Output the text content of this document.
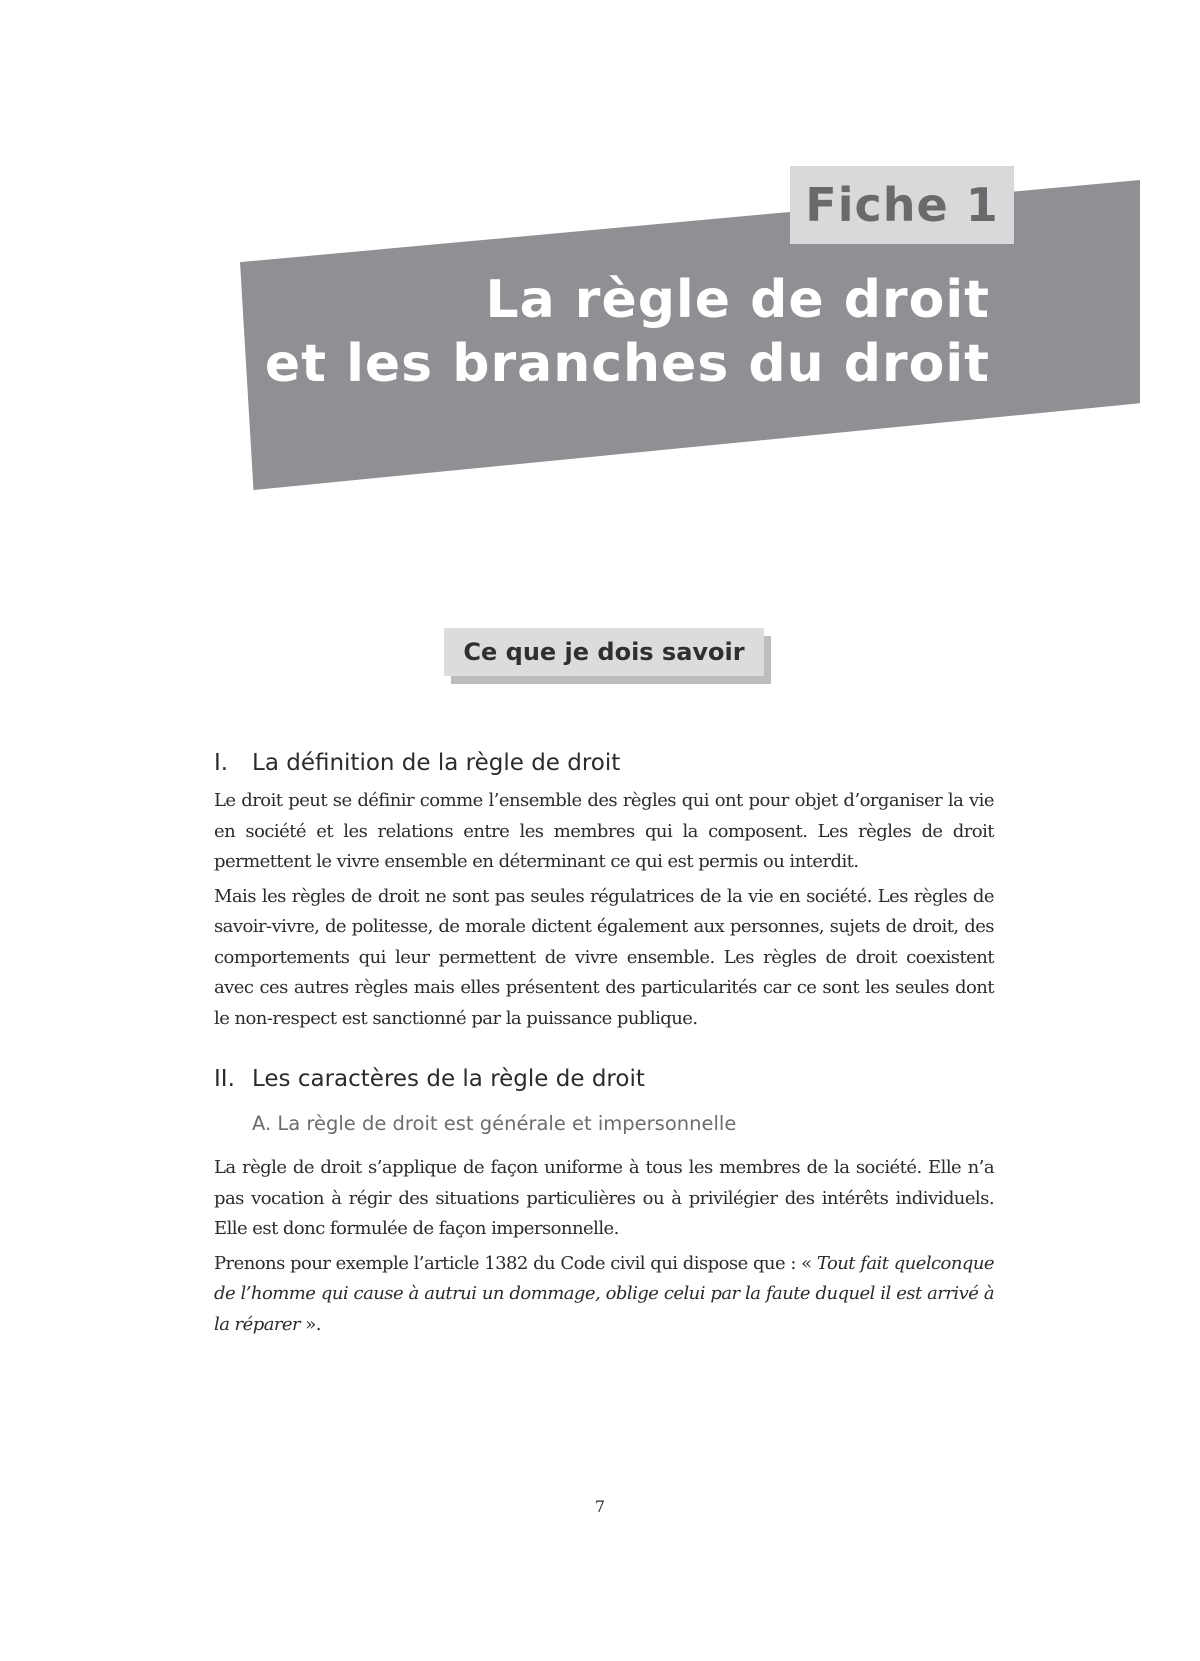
Fiche 1
La règle de droit
et les branches du droit
Ce que je dois savoir
I.	La définition de la règle de droit

Le droit peut se définir comme l’ensemble des règles qui ont pour objet d’organiser la vie en société et les relations entre les membres qui la composent. Les règles de droit permettent le vivre ensemble en déterminant ce qui est permis ou interdit.

Mais les règles de droit ne sont pas seules régulatrices de la vie en société. Les règles de savoir-vivre, de politesse, de morale dictent également aux personnes, sujets de droit, des comportements qui leur permettent de vivre ensemble. Les règles de droit coexistent avec ces autres règles mais elles présentent des particularités car ce sont les seules dont le non-respect est sanctionné par la puissance publique.

II. Les caractères de la règle de droit
A. La règle de droit est générale et impersonnelle

La règle de droit s’applique de façon uniforme à tous les membres de la société. Elle n’a pas vocation à régir des situations particulières ou à privilégier des intérêts individuels. Elle est donc formulée de façon impersonnelle.

Prenons pour exemple l’article 1382 du Code civil qui dispose que : « Tout fait quelconque de l’homme qui cause à autrui un dommage, oblige celui par la faute duquel il est arrivé à la réparer ».

7
